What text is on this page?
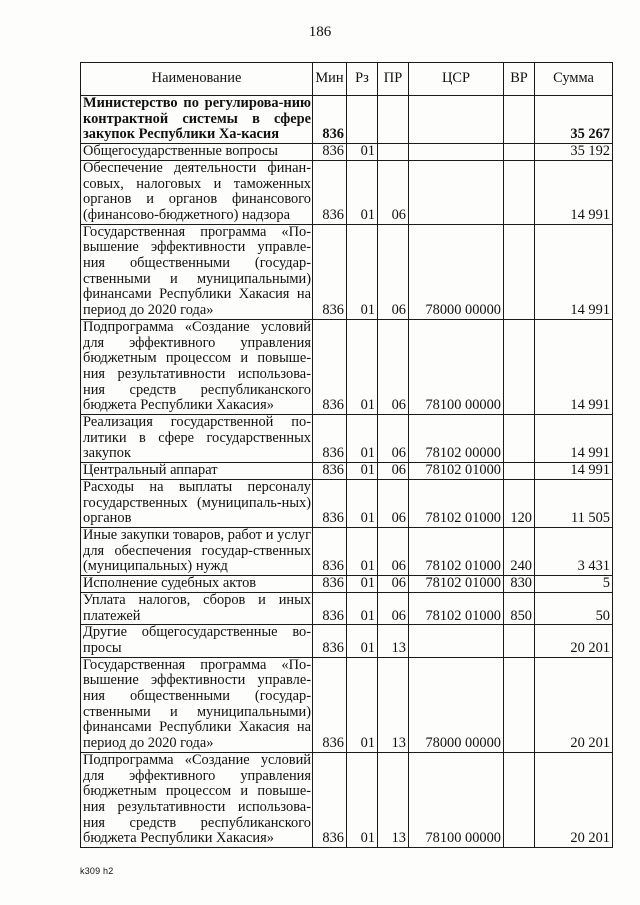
186
Наименование	Мин	Рз	ПР	ЦСР	ВР	Сумма
Министерство по регулирова-нию контрактной системы в сфере закупок Республики Ха-касия	836					35 267
Общегосударственные вопросы	836	01				35 192
Обеспечение деятельности финан-совых, налоговых и таможенных органов и органов финансового (финансово-бюджетного) надзора	836	01	06			14 991
Государственная программа «По-вышение эффективности управле-ния общественными (государ-ственными и муниципальными) финансами Республики Хакасия на период до 2020 года»	836	01	06	78000 00000		14 991
Подпрограмма «Создание условий для эффективного управления бюджетным процессом и повыше-ния результативности использова-ния средств республиканского бюджета Республики Хакасия»	836	01	06	78100 00000		14 991
Реализация государственной по-литики в сфере государственных закупок	836	01	06	78102 00000		14 991
Центральный аппарат	836	01	06	78102 01000		14 991
Расходы на выплаты персоналу государственных (муниципаль-ных) органов	836	01	06	78102 01000	120	11 505
Иные закупки товаров, работ и услуг для обеспечения государ-ственных (муниципальных) нужд	836	01	06	78102 01000	240	3 431
Исполнение судебных актов	836	01	06	78102 01000	830	5
Уплата налогов, сборов и иных платежей	836	01	06	78102 01000	850	50
Другие общегосударственные во-просы	836	01	13			20 201
Государственная программа «По-вышение эффективности управле-ния общественными (государ-ственными и муниципальными) финансами Республики Хакасия на период до 2020 года»	836	01	13	78000 00000		20 201
Подпрограмма «Создание условий для эффективного управления бюджетным процессом и повыше-ния результативности использова-ния средств республиканского бюджета Республики Хакасия»	836	01	13	78100 00000		20 201
k309 h2
